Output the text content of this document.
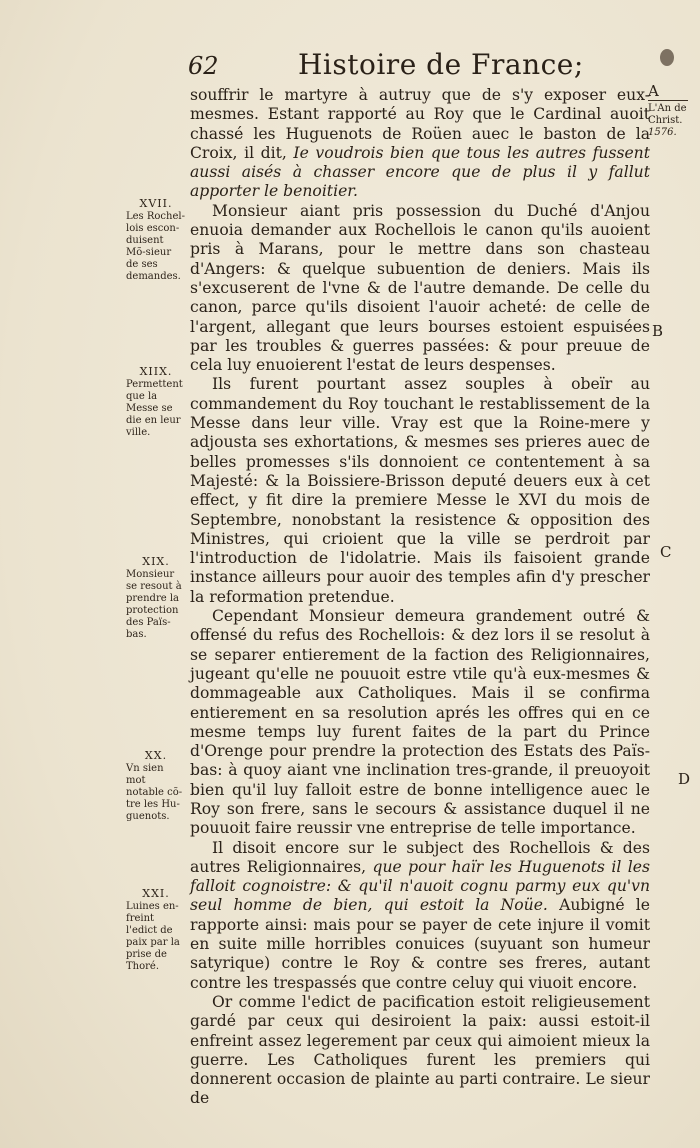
62	Histoire de France;
A
L'An de
Christ.
1576.
B
C
D
XVII.
Les Rochel-lois escon-duisent Mõ-sieur de ses demandes.
XIIX.
Permettent que la Messe se die en leur ville.
XIX.
Monsieur se resout à prendre la protection des Païs-bas.
XX.
Vn sien mot notable cõ-tre les Hu-guenots.
XXI.
Luines en-freint l'edict de paix par la prise de Thoré.

souffrir le martyre à autruy que de s'y exposer eux-mesmes. Estant rapporté au Roy que le Cardinal auoit chassé les Huguenots de Roüen auec le baston de la Croix, il dit, Ie voudrois bien que tous les autres fussent aussi aisés à chasser encore que de plus il y fallut apporter le benoitier.

Monsieur aiant pris possession du Duché d'Anjou enuoia demander aux Rochellois le canon qu'ils auoient pris à Marans, pour le mettre dans son chasteau d'Angers: & quelque subuention de deniers. Mais ils s'excuserent de l'vne & de l'autre demande. De celle du canon, parce qu'ils disoient l'auoir acheté: de celle de l'argent, allegant que leurs bourses estoient espuisées par les troubles & guerres passées: & pour preuue de cela luy enuoierent l'estat de leurs despenses.

Ils furent pourtant assez souples à obeïr au commandement du Roy touchant le restablissement de la Messe dans leur ville. Vray est que la Roine-mere y adjousta ses exhortations, & mesmes ses prieres auec de belles promesses s'ils donnoient ce contentement à sa Majesté: & la Boissiere-Brisson deputé deuers eux à cet effect, y fit dire la premiere Messe le XVI du mois de Septembre, nonobstant la resistence & opposition des Ministres, qui crioient que la ville se perdroit par l'introduction de l'idolatrie. Mais ils faisoient grande instance ailleurs pour auoir des temples afin d'y prescher la reformation pretendue.

Cependant Monsieur demeura grandement outré & offensé du refus des Rochellois: & dez lors il se resolut à se separer entierement de la faction des Religionnaires, jugeant qu'elle ne pouuoit estre vtile qu'à eux-mesmes & dommageable aux Catholiques. Mais il se confirma entierement en sa resolution aprés les offres qui en ce mesme temps luy furent faites de la part du Prince d'Orenge pour prendre la protection des Estats des Païs-bas: à quoy aiant vne inclination tres-grande, il preuoyoit bien qu'il luy falloit estre de bonne intelligence auec le Roy son frere, sans le secours & assistance duquel il ne pouuoit faire reussir vne entreprise de telle importance.

Il disoit encore sur le subject des Rochellois & des autres Religionnaires, que pour haïr les Huguenots il les falloit cognoistre: & qu'il n'auoit cognu parmy eux qu'vn seul homme de bien, qui estoit la Noüe. Aubigné le rapporte ainsi: mais pour se payer de cete injure il vomit en suite mille horribles conuices (suyuant son humeur satyrique) contre le Roy & contre ses freres, autant contre les trespassés que contre celuy qui viuoit encore.

Or comme l'edict de pacification estoit religieusement gardé par ceux qui desiroient la paix: aussi estoit-il enfreint assez legerement par ceux qui aimoient mieux la guerre. Les Catholiques furent les premiers qui donnerent occasion de plainte au parti contraire. Le sieur de
